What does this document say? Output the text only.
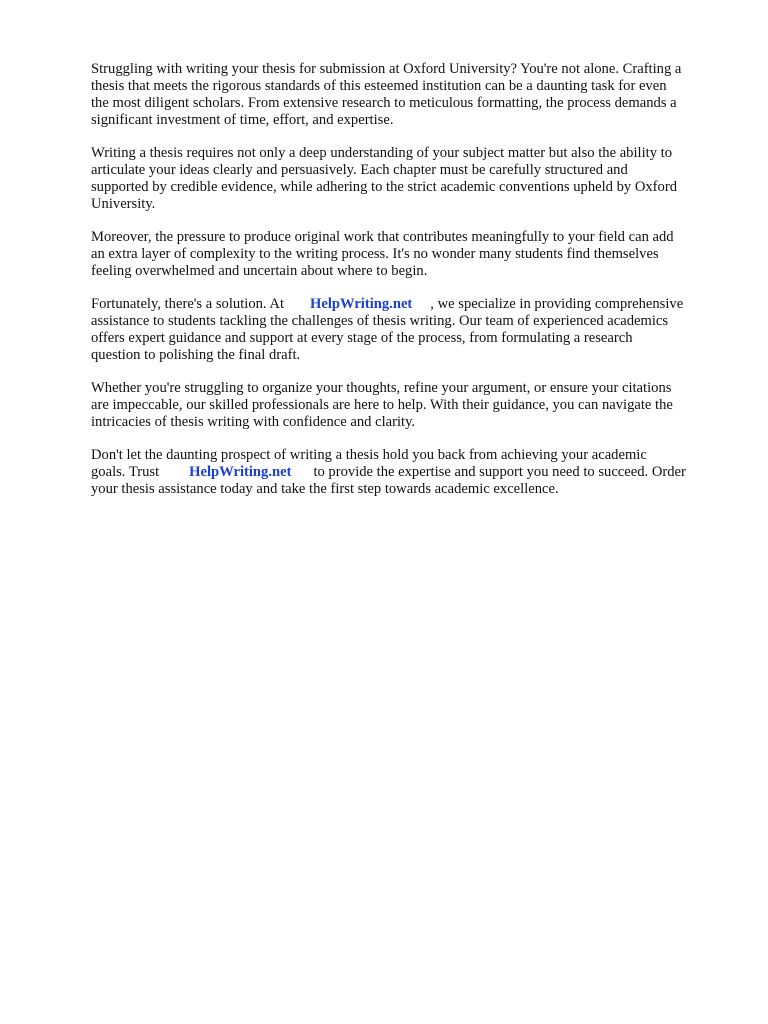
Struggling with writing your thesis for submission at Oxford University? You're not alone. Crafting a
thesis that meets the rigorous standards of this esteemed institution can be a daunting task for even
the most diligent scholars. From extensive research to meticulous formatting, the process demands a
significant investment of time, effort, and expertise.

Writing a thesis requires not only a deep understanding of your subject matter but also the ability to
articulate your ideas clearly and persuasively. Each chapter must be carefully structured and
supported by credible evidence, while adhering to the strict academic conventions upheld by Oxford
University.

Moreover, the pressure to produce original work that contributes meaningfully to your field can add
an extra layer of complexity to the writing process. It's no wonder many students find themselves
feeling overwhelmed and uncertain about where to begin.

Fortunately, there's a solution. At HelpWriting.net , we specialize in providing comprehensive
assistance to students tackling the challenges of thesis writing. Our team of experienced academics
offers expert guidance and support at every stage of the process, from formulating a research
question to polishing the final draft.

Whether you're struggling to organize your thoughts, refine your argument, or ensure your citations
are impeccable, our skilled professionals are here to help. With their guidance, you can navigate the
intricacies of thesis writing with confidence and clarity.

Don't let the daunting prospect of writing a thesis hold you back from achieving your academic
goals. Trust HelpWriting.net to provide the expertise and support you need to succeed. Order
your thesis assistance today and take the first step towards academic excellence.
